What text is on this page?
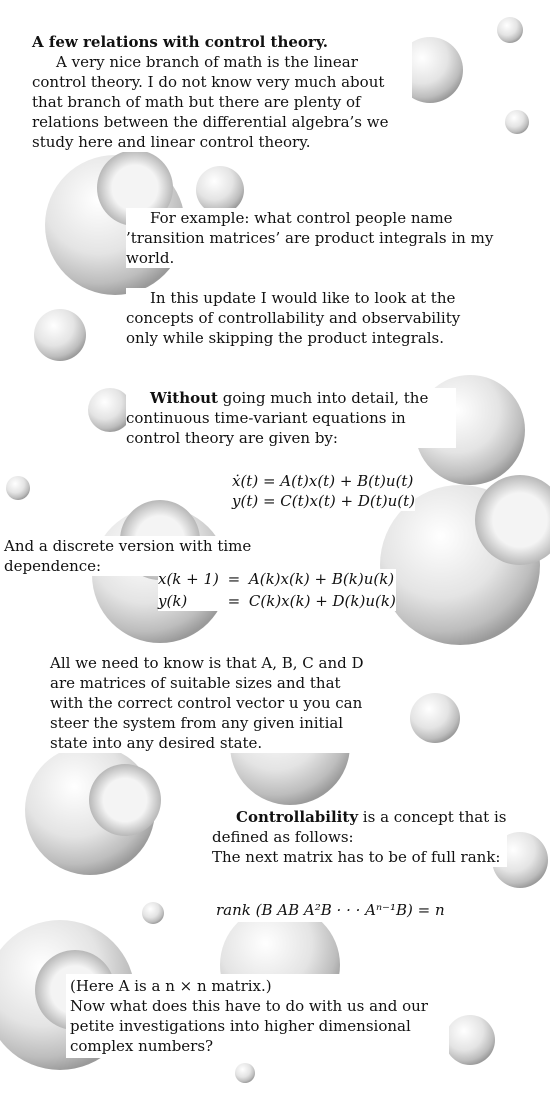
A few relations with control theory.
A very nice branch of math is the linear control theory. I do not know very much about that branch of math but there are plenty of relations between the differential algebra’s we study here and linear control theory.

For example: what control people name ’transition matrices’ are product integrals in my world.

In this update I would like to look at the concepts of controllability and observability only while skipping the product integrals.

Without going much into detail, the continuous time-variant equations in control theory are given by:

ẋ(t) = A(t)x(t) + B(t)u(t)
y(t) = C(t)x(t) + D(t)u(t)
And a discrete version with time dependence:
x(k + 1) = A(k)x(k) + B(k)u(k)
y(k)	= C(k)x(k) + D(k)u(k)

All we need to know is that A, B, C and D are matrices of suitable sizes and that with the correct control vector u you can steer the system from any given initial state into any desired state.

Controllability is a concept that is defined as follows:
The next matrix has to be of full rank:
rank (B AB A²B · · · Aⁿ⁻¹B) = n
(Here A is a n × n matrix.)
Now what does this have to do with us and our petite investigations into higher dimensional complex numbers?
